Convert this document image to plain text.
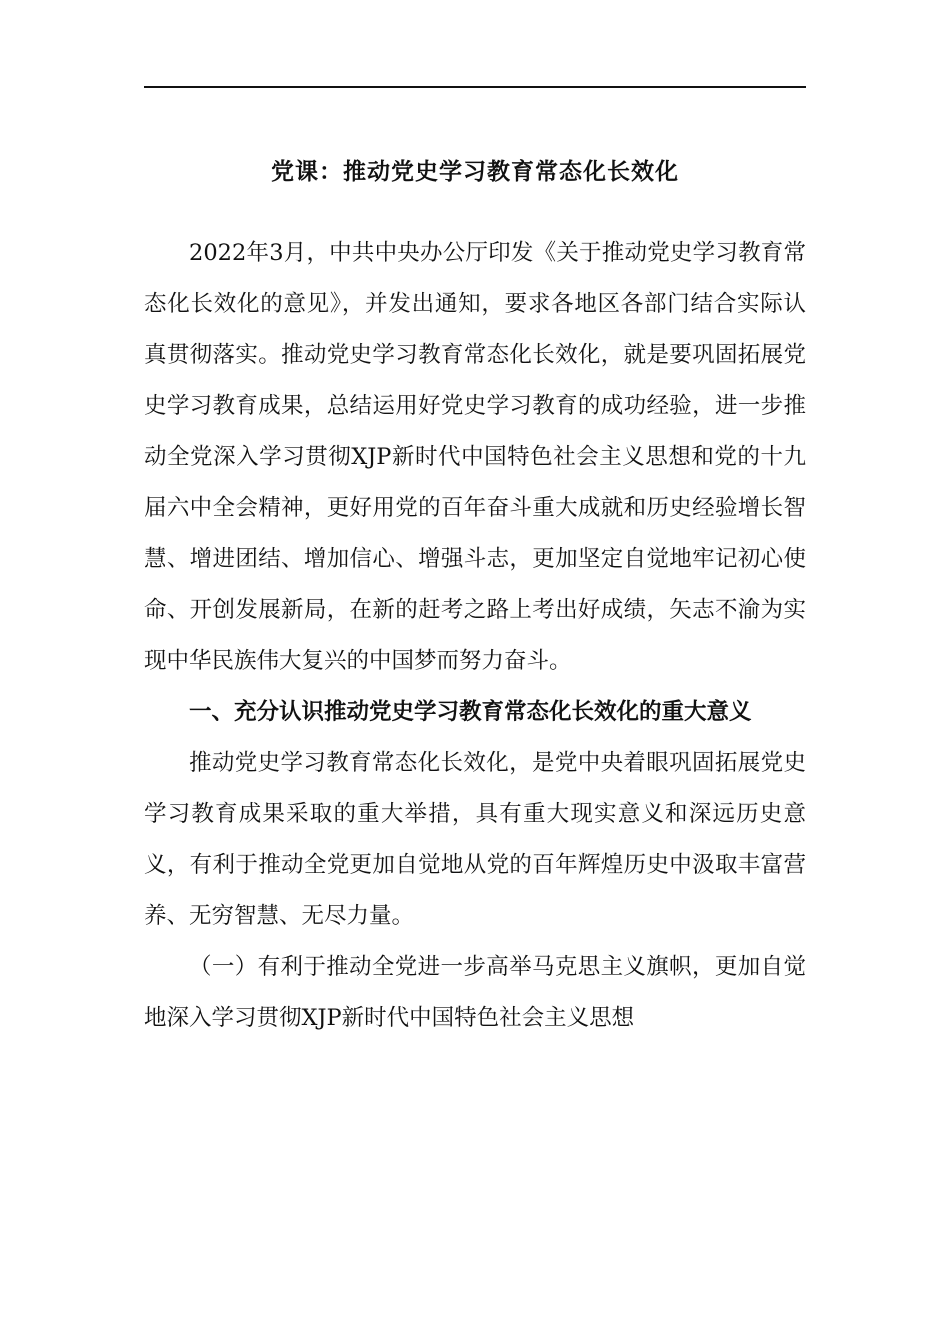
党课：推动党史学习教育常态化长效化

2022年3月，中共中央办公厅印发《关于推动党史学习教育常态化长效化的意见》，并发出通知，要求各地区各部门结合实际认真贯彻落实。推动党史学习教育常态化长效化，就是要巩固拓展党史学习教育成果，总结运用好党史学习教育的成功经验，进一步推动全党深入学习贯彻XJP新时代中国特色社会主义思想和党的十九届六中全会精神，更好用党的百年奋斗重大成就和历史经验增长智慧、增进团结、增加信心、增强斗志，更加坚定自觉地牢记初心使命、开创发展新局，在新的赶考之路上考出好成绩，矢志不渝为实现中华民族伟大复兴的中国梦而努力奋斗。

一、充分认识推动党史学习教育常态化长效化的重大意义

推动党史学习教育常态化长效化，是党中央着眼巩固拓展党史学习教育成果采取的重大举措，具有重大现实意义和深远历史意义，有利于推动全党更加自觉地从党的百年辉煌历史中汲取丰富营养、无穷智慧、无尽力量。

（一）有利于推动全党进一步高举马克思主义旗帜，更加自觉地深入学习贯彻XJP新时代中国特色社会主义思想
